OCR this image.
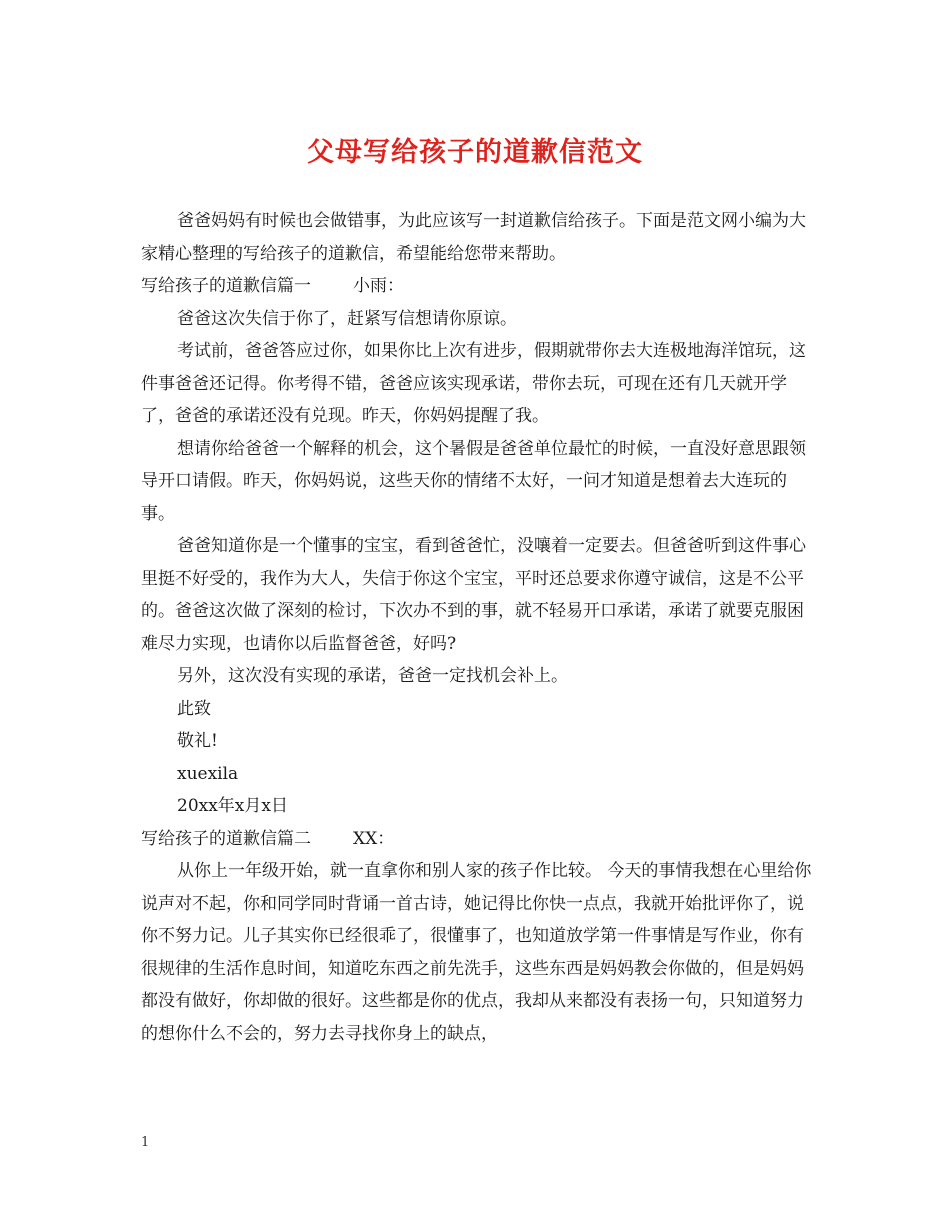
父母写给孩子的道歉信范文

爸爸妈妈有时候也会做错事，为此应该写一封道歉信给孩子。下面是范文网小编为大家精心整理的写给孩子的道歉信，希望能给您带来帮助。

写给孩子的道歉信篇一 小雨：

爸爸这次失信于你了，赶紧写信想请你原谅。

考试前，爸爸答应过你，如果你比上次有进步，假期就带你去大连极地海洋馆玩，这件事爸爸还记得。你考得不错，爸爸应该实现承诺，带你去玩，可现在还有几天就开学了，爸爸的承诺还没有兑现。昨天，你妈妈提醒了我。

想请你给爸爸一个解释的机会，这个暑假是爸爸单位最忙的时候，一直没好意思跟领导开口请假。昨天，你妈妈说，这些天你的情绪不太好，一问才知道是想着去大连玩的事。

爸爸知道你是一个懂事的宝宝，看到爸爸忙，没嚷着一定要去。但爸爸听到这件事心里挺不好受的，我作为大人，失信于你这个宝宝，平时还总要求你遵守诚信，这是不公平的。爸爸这次做了深刻的检讨，下次办不到的事，就不轻易开口承诺，承诺了就要克服困难尽力实现，也请你以后监督爸爸，好吗?

另外，这次没有实现的承诺，爸爸一定找机会补上。

此致

敬礼!

xuexila

20xx年x月x日

写给孩子的道歉信篇二 XX：

从你上一年级开始，就一直拿你和别人家的孩子作比较。 今天的事情我想在心里给你说声对不起，你和同学同时背诵一首古诗，她记得比你快一点点，我就开始批评你了，说你不努力记。儿子其实你已经很乖了，很懂事了，也知道放学第一件事情是写作业，你有很规律的生活作息时间，知道吃东西之前先洗手，这些东西是妈妈教会你做的，但是妈妈都没有做好，你却做的很好。这些都是你的优点，我却从来都没有表扬一句，只知道努力的想你什么不会的，努力去寻找你身上的缺点，

1
